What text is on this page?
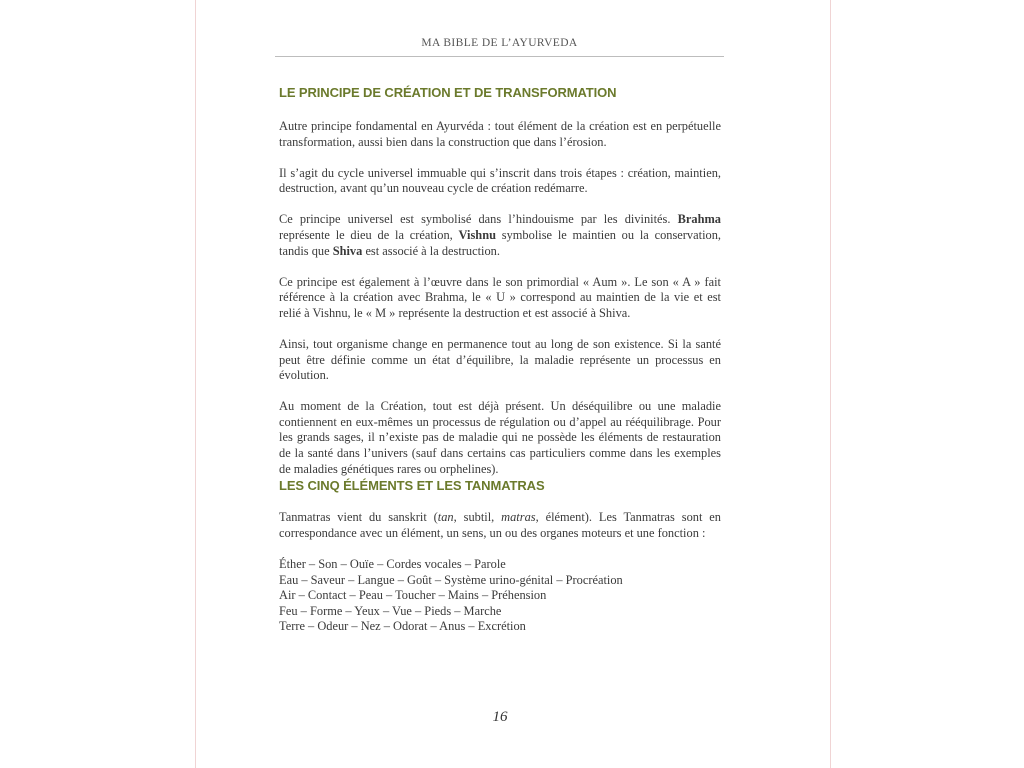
MA BIBLE DE L’AYURVEDA
LE PRINCIPE DE CRÉATION ET DE TRANSFORMATION

Autre principe fondamental en Ayurvéda : tout élément de la création est en perpétuelle transformation, aussi bien dans la construction que dans l’érosion.

Il s’agit du cycle universel immuable qui s’inscrit dans trois étapes : création, maintien, destruction, avant qu’un nouveau cycle de création redémarre.

Ce principe universel est symbolisé dans l’hindouisme par les divinités. Brahma représente le dieu de la création, Vishnu symbolise le maintien ou la conservation, tandis que Shiva est associé à la destruction.

Ce principe est également à l’œuvre dans le son primordial « Aum ». Le son « A » fait référence à la création avec Brahma, le « U » correspond au maintien de la vie et est relié à Vishnu, le « M » représente la destruction et est associé à Shiva.

Ainsi, tout organisme change en permanence tout au long de son existence. Si la santé peut être définie comme un état d’équilibre, la maladie représente un processus en évolution.

Au moment de la Création, tout est déjà présent. Un déséquilibre ou une maladie contiennent en eux-mêmes un processus de régulation ou d’appel au rééquilibrage. Pour les grands sages, il n’existe pas de maladie qui ne possède les éléments de restauration de la santé dans l’univers (sauf dans certains cas particuliers comme dans les exemples de maladies génétiques rares ou orphelines).

LES CINQ ÉLÉMENTS ET LES TANMATRAS

Tanmatras vient du sanskrit (tan, subtil, matras, élément). Les Tanmatras sont en correspondance avec un élément, un sens, un ou des organes moteurs et une fonction :

Éther – Son – Ouïe – Cordes vocales – Parole
Eau – Saveur – Langue – Goût – Système urino-génital – Procréation
Air – Contact – Peau – Toucher – Mains – Préhension
Feu – Forme – Yeux – Vue – Pieds – Marche
Terre – Odeur – Nez – Odorat – Anus – Excrétion
16
